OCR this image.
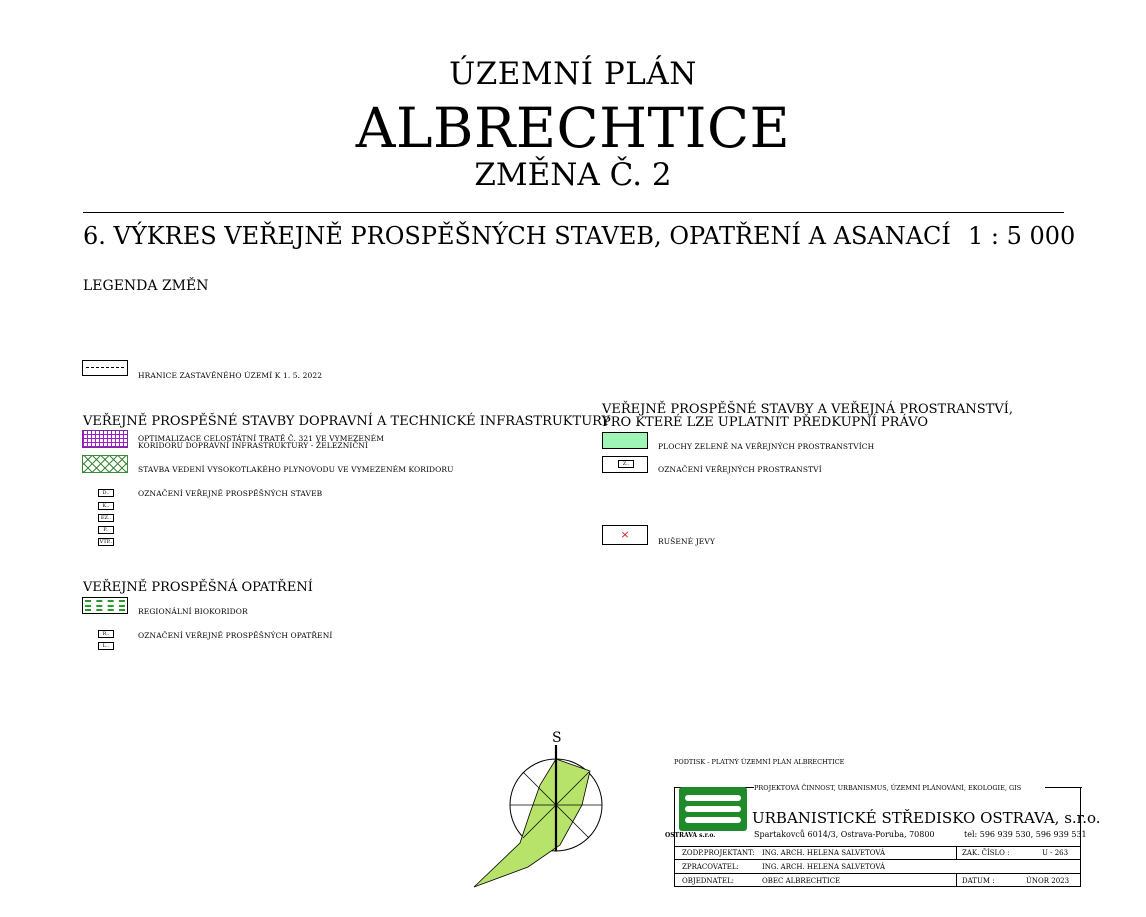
ÚZEMNÍ PLÁN
ALBRECHTICE
ZMĚNA Č. 2
6. VÝKRES VEŘEJNĚ PROSPĚŠNÝCH STAVEB, OPATŘENÍ A ASANACÍ 1 : 5 000
LEGENDA ZMĚN
HRANICE ZASTAVĚNÉHO ÚZEMÍ K 1. 5. 2022
VEŘEJNĚ PROSPĚŠNÉ STAVBY DOPRAVNÍ A TECHNICKÉ INFRASTRUKTURY
OPTIMALIZACE CELOSTÁTNÍ TRATĚ Č. 321 VE VYMEZENÉM
KORIDORU DOPRAVNÍ INFRASTRUKTURY - ŽELEZNIČNÍ
STAVBA VEDENÍ VYSOKOTLAKÉHO PLYNOVODU VE VYMEZENÉM KORIDORU
D..
K..
EZ..
P..
VTP..
OZNAČENÍ VEŘEJNĚ PROSPĚŠNÝCH STAVEB
VEŘEJNĚ PROSPĚŠNÁ OPATŘENÍ
REGIONÁLNÍ BIOKORIDOR
R..
L..
OZNAČENÍ VEŘEJNĚ PROSPĚŠNÝCH OPATŘENÍ
VEŘEJNĚ PROSPĚŠNÉ STAVBY A VEŘEJNÁ PROSTRANSTVÍ,
PRO KTERÉ LZE UPLATNIT PŘEDKUPNÍ PRÁVO
PLOCHY ZELENĚ NA VEŘEJNÝCH PROSTRANSTVÍCH
Z..
OZNAČENÍ VEŘEJNÝCH PROSTRANSTVÍ
×
RUŠENÉ JEVY
S
PODTISK - PLATNÝ ÚZEMNÍ PLÁN ALBRECHTICE
OSTRAVA s.r.o.
PROJEKTOVÁ ČINNOST, URBANISMUS, ÚZEMNÍ PLÁNOVÁNÍ, EKOLOGIE, GIS
URBANISTICKÉ STŘEDISKO OSTRAVA, s.r.o.
Spartakovců 6014/3, Ostrava-Poruba, 70800	tel: 596 939 530, 596 939 531
ZODP.PROJEKTANT: ING. ARCH. HELENA SALVETOVÁ	ZAK. ČÍSLO :	U - 263
ZPRACOVATEL:	ING. ARCH. HELENA SALVETOVÁ
OBJEDNATEL:	OBEC ALBRECHTICE	DATUM :	ÚNOR 2023
